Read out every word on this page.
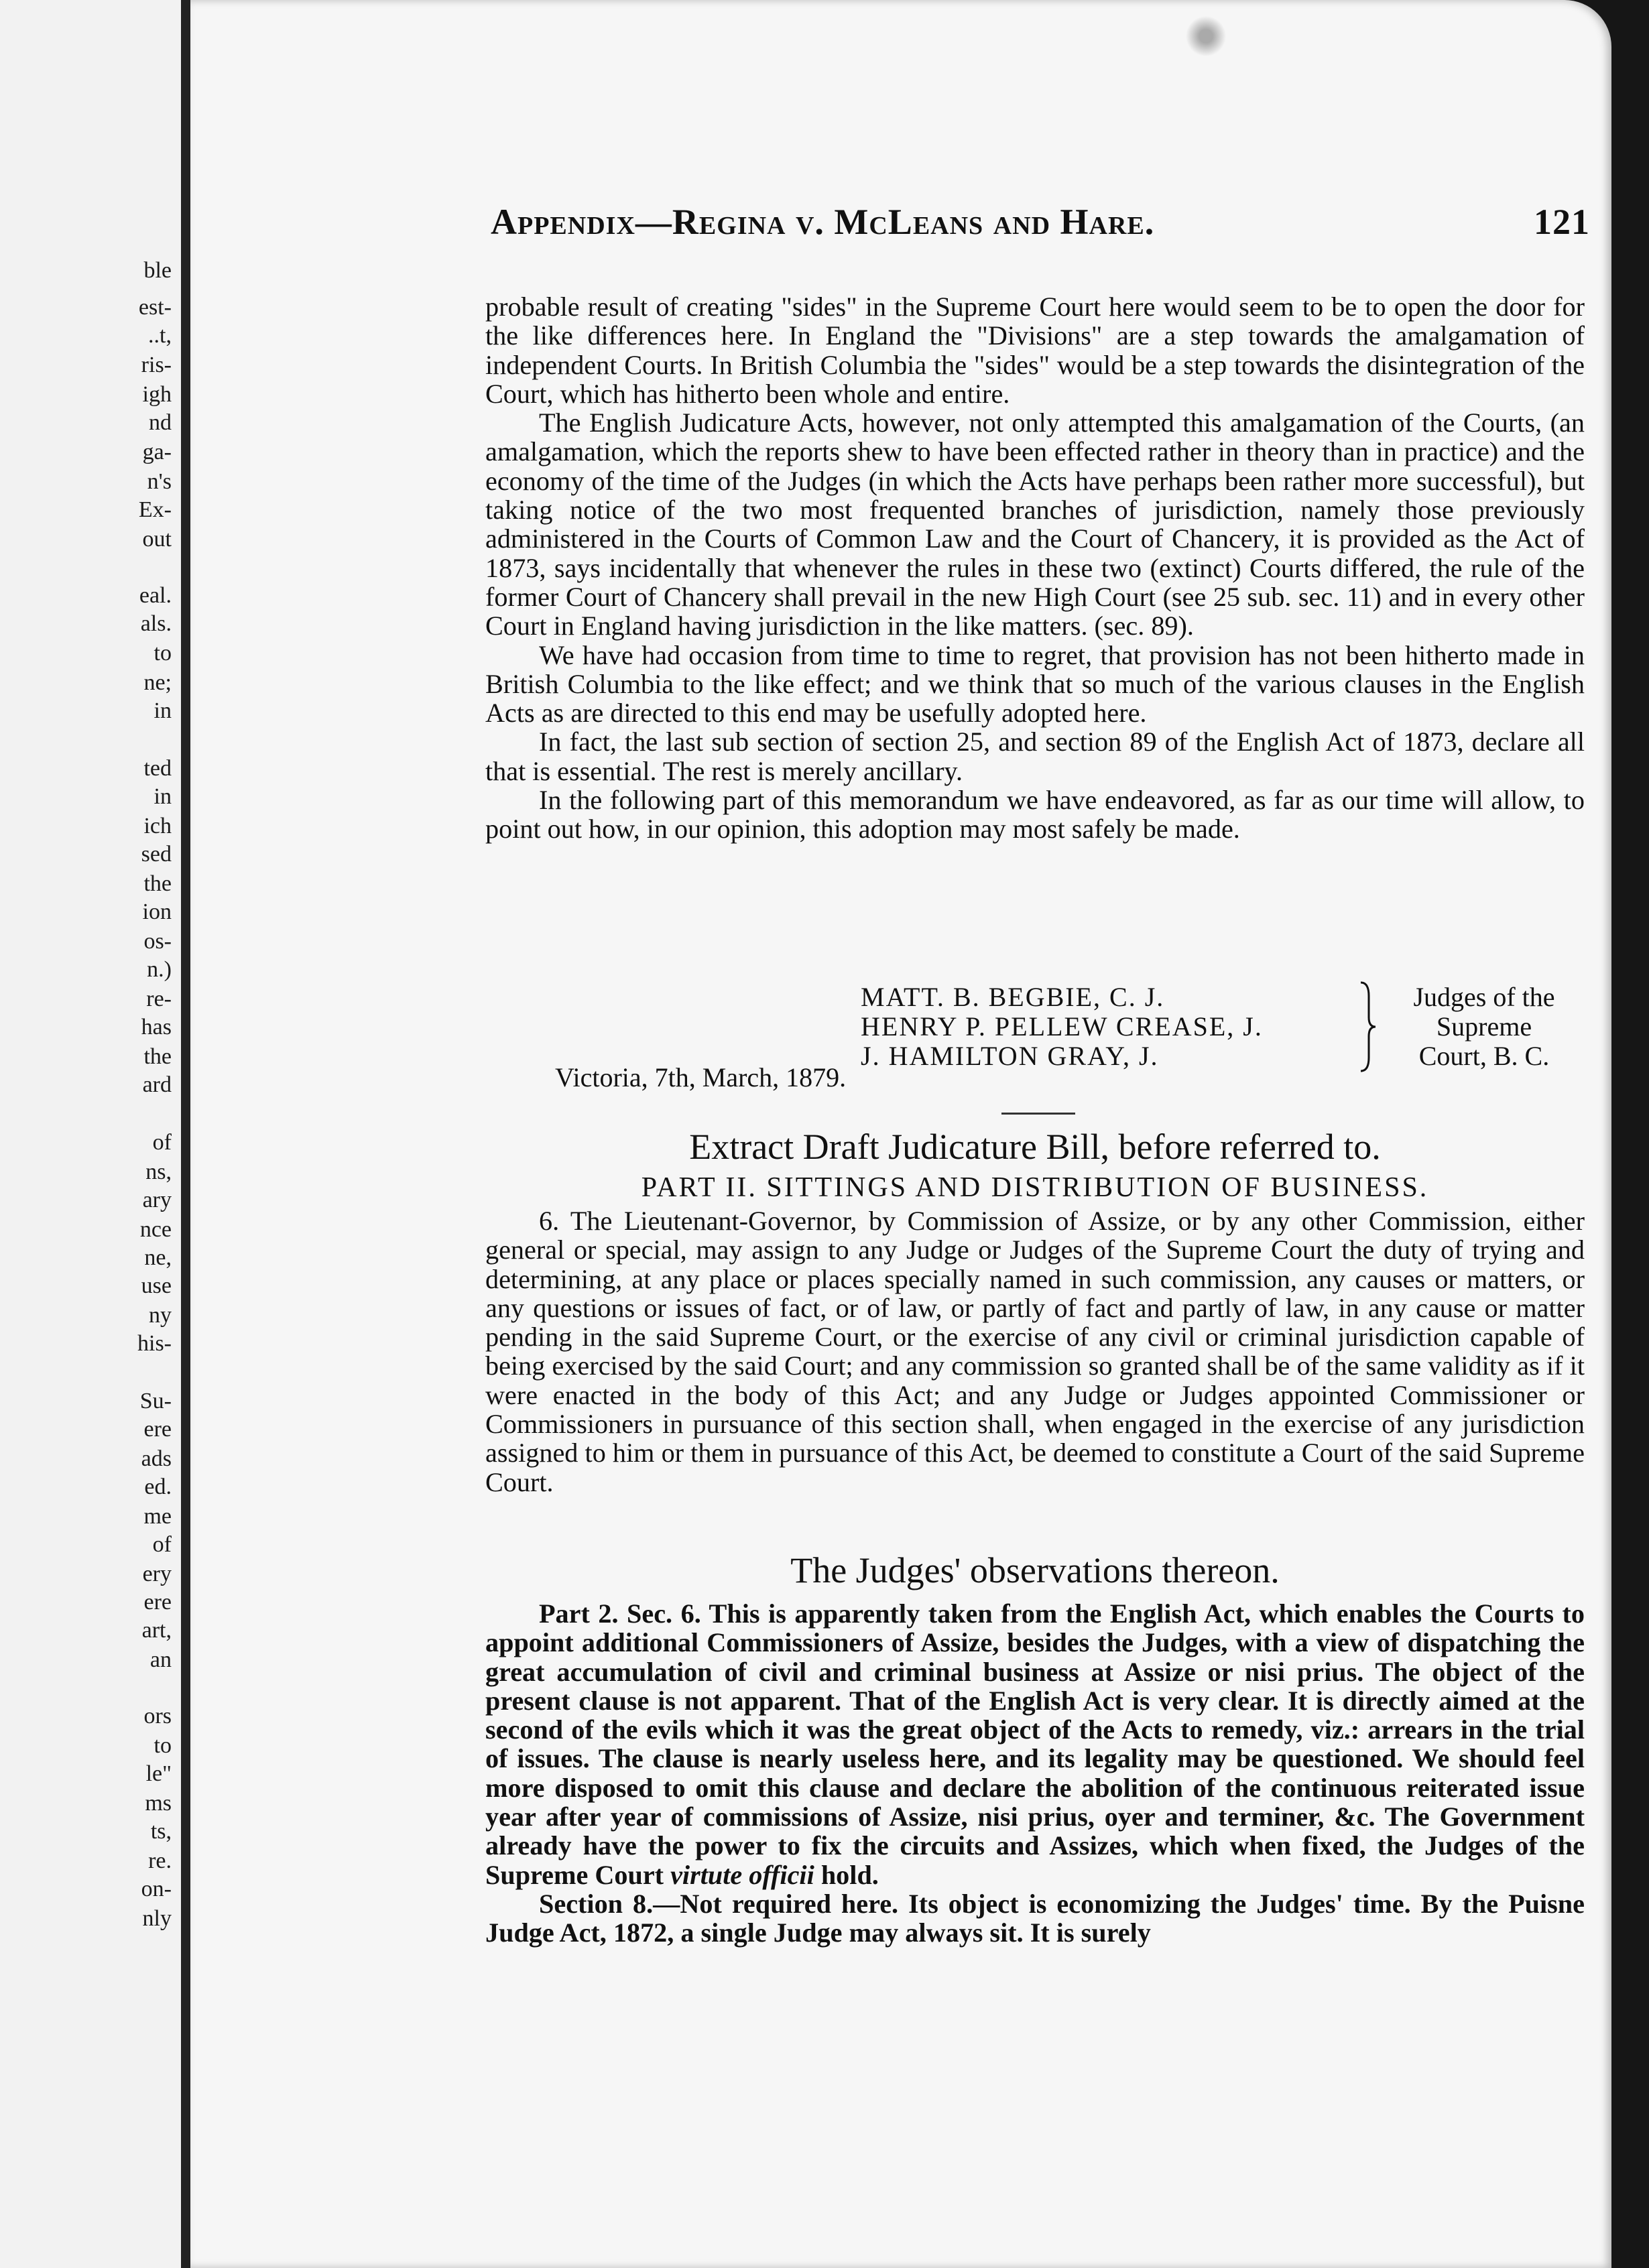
ble
est-
..t,
ris-
igh
nd
ga-
n's
Ex-
out
eal.
als.
to
ne;
in
ted
in
ich
sed
the
ion
os-
n.)
re-
has
the
ard
of
ns,
ary
nce
ne,
use
ny
his-
Su-
ere
ads
ed.
me
of
ery
ere
art,
an
ors
to
le"
ms
ts,
re.
on-
nly
Appendix—Regina v. McLeans and Hare.	121

probable result of creating "sides" in the Supreme Court here would seem to be to open the door for the like differences here. In England the "Divisions" are a step towards the amalgamation of independent Courts. In British Columbia the "sides" would be a step towards the disintegration of the Court, which has hitherto been whole and entire.

The English Judicature Acts, however, not only attempted this amalgamation of the Courts, (an amalgamation, which the reports shew to have been effected rather in theory than in practice) and the economy of the time of the Judges (in which the Acts have perhaps been rather more successful), but taking notice of the two most frequented branches of jurisdiction, namely those previously administered in the Courts of Common Law and the Court of Chancery, it is provided as the Act of 1873, says incidentally that whenever the rules in these two (extinct) Courts differed, the rule of the former Court of Chancery shall prevail in the new High Court (see 25 sub. sec. 11) and in every other Court in England having jurisdiction in the like matters. (sec. 89).

We have had occasion from time to time to regret, that provision has not been hitherto made in British Columbia to the like effect; and we think that so much of the various clauses in the English Acts as are directed to this end may be usefully adopted here.

In fact, the last sub section of section 25, and section 89 of the English Act of 1873, declare all that is essential. The rest is merely ancillary.

In the following part of this memorandum we have endeavored, as far as our time will allow, to point out how, in our opinion, this adoption may most safely be made.

MATT. B. BEGBIE, C. J.
HENRY P. PELLEW CREASE, J.
J. HAMILTON GRAY, J.
Judges of the
Supreme
Court, B. C.
Victoria, 7th, March, 1879.
Extract Draft Judicature Bill, before referred to.
PART II. SITTINGS AND DISTRIBUTION OF BUSINESS.

6. The Lieutenant-Governor, by Commission of Assize, or by any other Commission, either general or special, may assign to any Judge or Judges of the Supreme Court the duty of trying and determining, at any place or places specially named in such commission, any causes or matters, or any questions or issues of fact, or of law, or partly of fact and partly of law, in any cause or matter pending in the said Supreme Court, or the exercise of any civil or criminal jurisdiction capable of being exercised by the said Court; and any commission so granted shall be of the same validity as if it were enacted in the body of this Act; and any Judge or Judges appointed Commissioner or Commissioners in pursuance of this section shall, when engaged in the exercise of any jurisdiction assigned to him or them in pursuance of this Act, be deemed to constitute a Court of the said Supreme Court.

The Judges' observations thereon.

Part 2. Sec. 6. This is apparently taken from the English Act, which enables the Courts to appoint additional Commissioners of Assize, besides the Judges, with a view of dispatching the great accumulation of civil and criminal business at Assize or nisi prius. The object of the present clause is not apparent. That of the English Act is very clear. It is directly aimed at the second of the evils which it was the great object of the Acts to remedy, viz.: arrears in the trial of issues. The clause is nearly useless here, and its legality may be questioned. We should feel more disposed to omit this clause and declare the abolition of the continuous reiterated issue year after year of commissions of Assize, nisi prius, oyer and terminer, &c. The Government already have the power to fix the circuits and Assizes, which when fixed, the Judges of the Supreme Court virtute officii hold.

Section 8.—Not required here. Its object is economizing the Judges' time. By the Puisne Judge Act, 1872, a single Judge may always sit. It is surely
